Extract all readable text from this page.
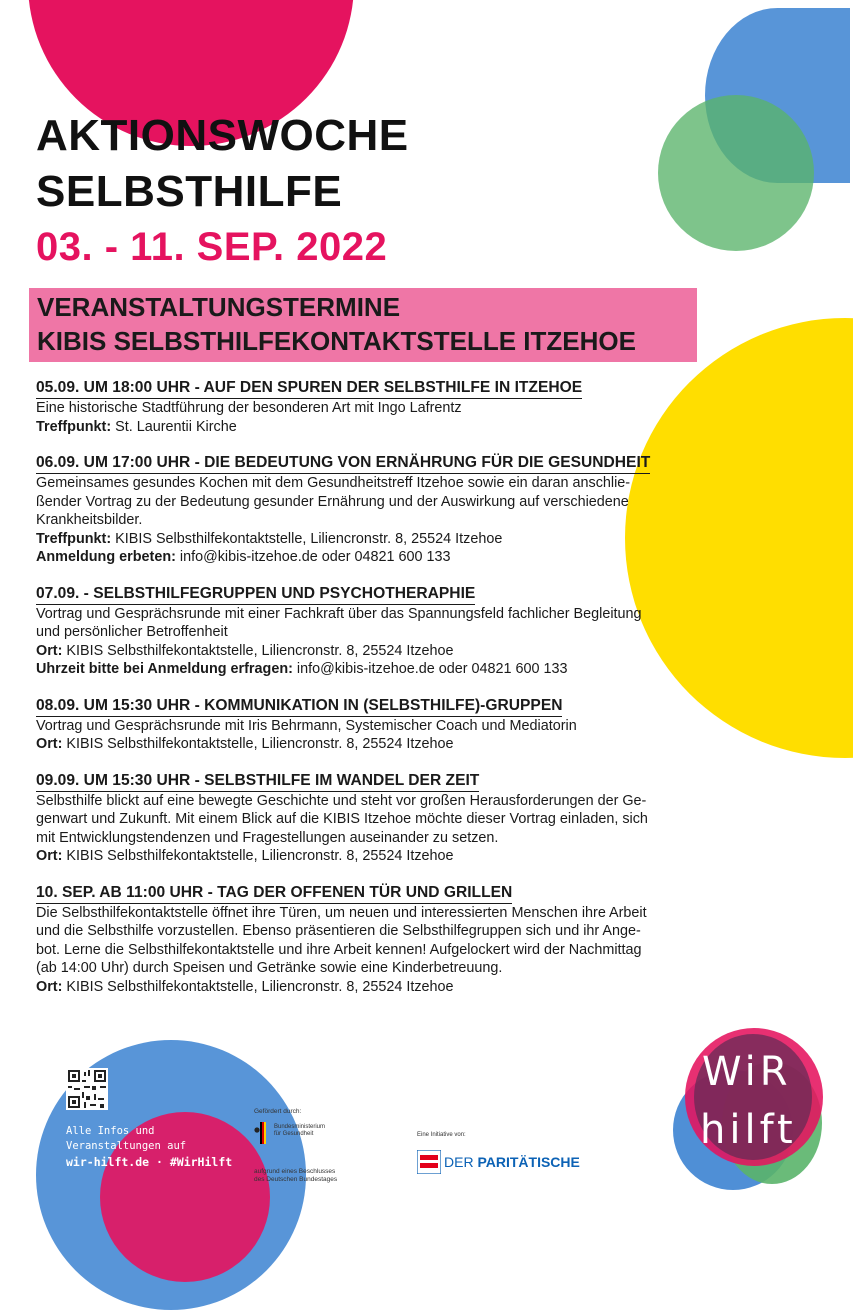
AKTIONSWOCHE
SELBSTHILFE
03. - 11. SEP. 2022
VERANSTALTUNGSTERMINE
KIBIS SELBSTHILFEKONTAKTSTELLE ITZEHOE
05.09. UM 18:00 UHR - AUF DEN SPUREN DER SELBSTHILFE IN ITZEHOE
Eine historische Stadtführung der besonderen Art mit Ingo Lafrentz
Treffpunkt: St. Laurentii Kirche
06.09. UM 17:00 UHR - DIE BEDEUTUNG VON ERNÄHRUNG FÜR DIE GESUNDHEIT
Gemeinsames gesundes Kochen mit dem Gesundheitstreff Itzehoe sowie ein daran anschlie-
ßender Vortrag zu der Bedeutung gesunder Ernährung und der Auswirkung auf verschiedene
Krankheitsbilder.
Treffpunkt: KIBIS Selbsthilfekontaktstelle, Liliencronstr. 8, 25524 Itzehoe
Anmeldung erbeten: info@kibis-itzehoe.de oder 04821 600 133
07.09. - SELBSTHILFEGRUPPEN UND PSYCHOTHERAPHIE
Vortrag und Gesprächsrunde mit einer Fachkraft über das Spannungsfeld fachlicher Begleitung
und persönlicher Betroffenheit
Ort: KIBIS Selbsthilfekontaktstelle, Liliencronstr. 8, 25524 Itzehoe
Uhrzeit bitte bei Anmeldung erfragen: info@kibis-itzehoe.de oder 04821 600 133
08.09. UM 15:30 UHR - KOMMUNIKATION IN (SELBSTHILFE)-GRUPPEN
Vortrag und Gesprächsrunde mit Iris Behrmann, Systemischer Coach und Mediatorin
Ort: KIBIS Selbsthilfekontaktstelle, Liliencronstr. 8, 25524 Itzehoe
09.09. UM 15:30 UHR - SELBSTHILFE IM WANDEL DER ZEIT
Selbsthilfe blickt auf eine bewegte Geschichte und steht vor großen Herausforderungen der Ge-
genwart und Zukunft. Mit einem Blick auf die KIBIS Itzehoe möchte dieser Vortrag einladen, sich
mit Entwicklungstendenzen und Fragestellungen auseinander zu setzen.
Ort: KIBIS Selbsthilfekontaktstelle, Liliencronstr. 8, 25524 Itzehoe
10. SEP. AB 11:00 UHR - TAG DER OFFENEN TÜR UND GRILLEN
Die Selbsthilfekontaktstelle öffnet ihre Türen, um neuen und interessierten Menschen ihre Arbeit
und die Selbsthilfe vorzustellen. Ebenso präsentieren die Selbsthilfegruppen sich und ihr Ange-
bot. Lerne die Selbsthilfekontaktstelle und ihre Arbeit kennen! Aufgelockert wird der Nachmittag
(ab 14:00 Uhr) durch Speisen und Getränke sowie eine Kinderbetreuung.
Ort: KIBIS Selbsthilfekontaktstelle, Liliencronstr. 8, 25524 Itzehoe
Alle Infos und
Veranstaltungen auf
wir-hilft.de · #WirHilft
Gefördert durch:
Bundesministerium
für Gesundheit
aufgrund eines Beschlusses
des Deutschen Bundestages
Eine Initiative von:
DER PARITÄTISCHE
WiR
hilft
